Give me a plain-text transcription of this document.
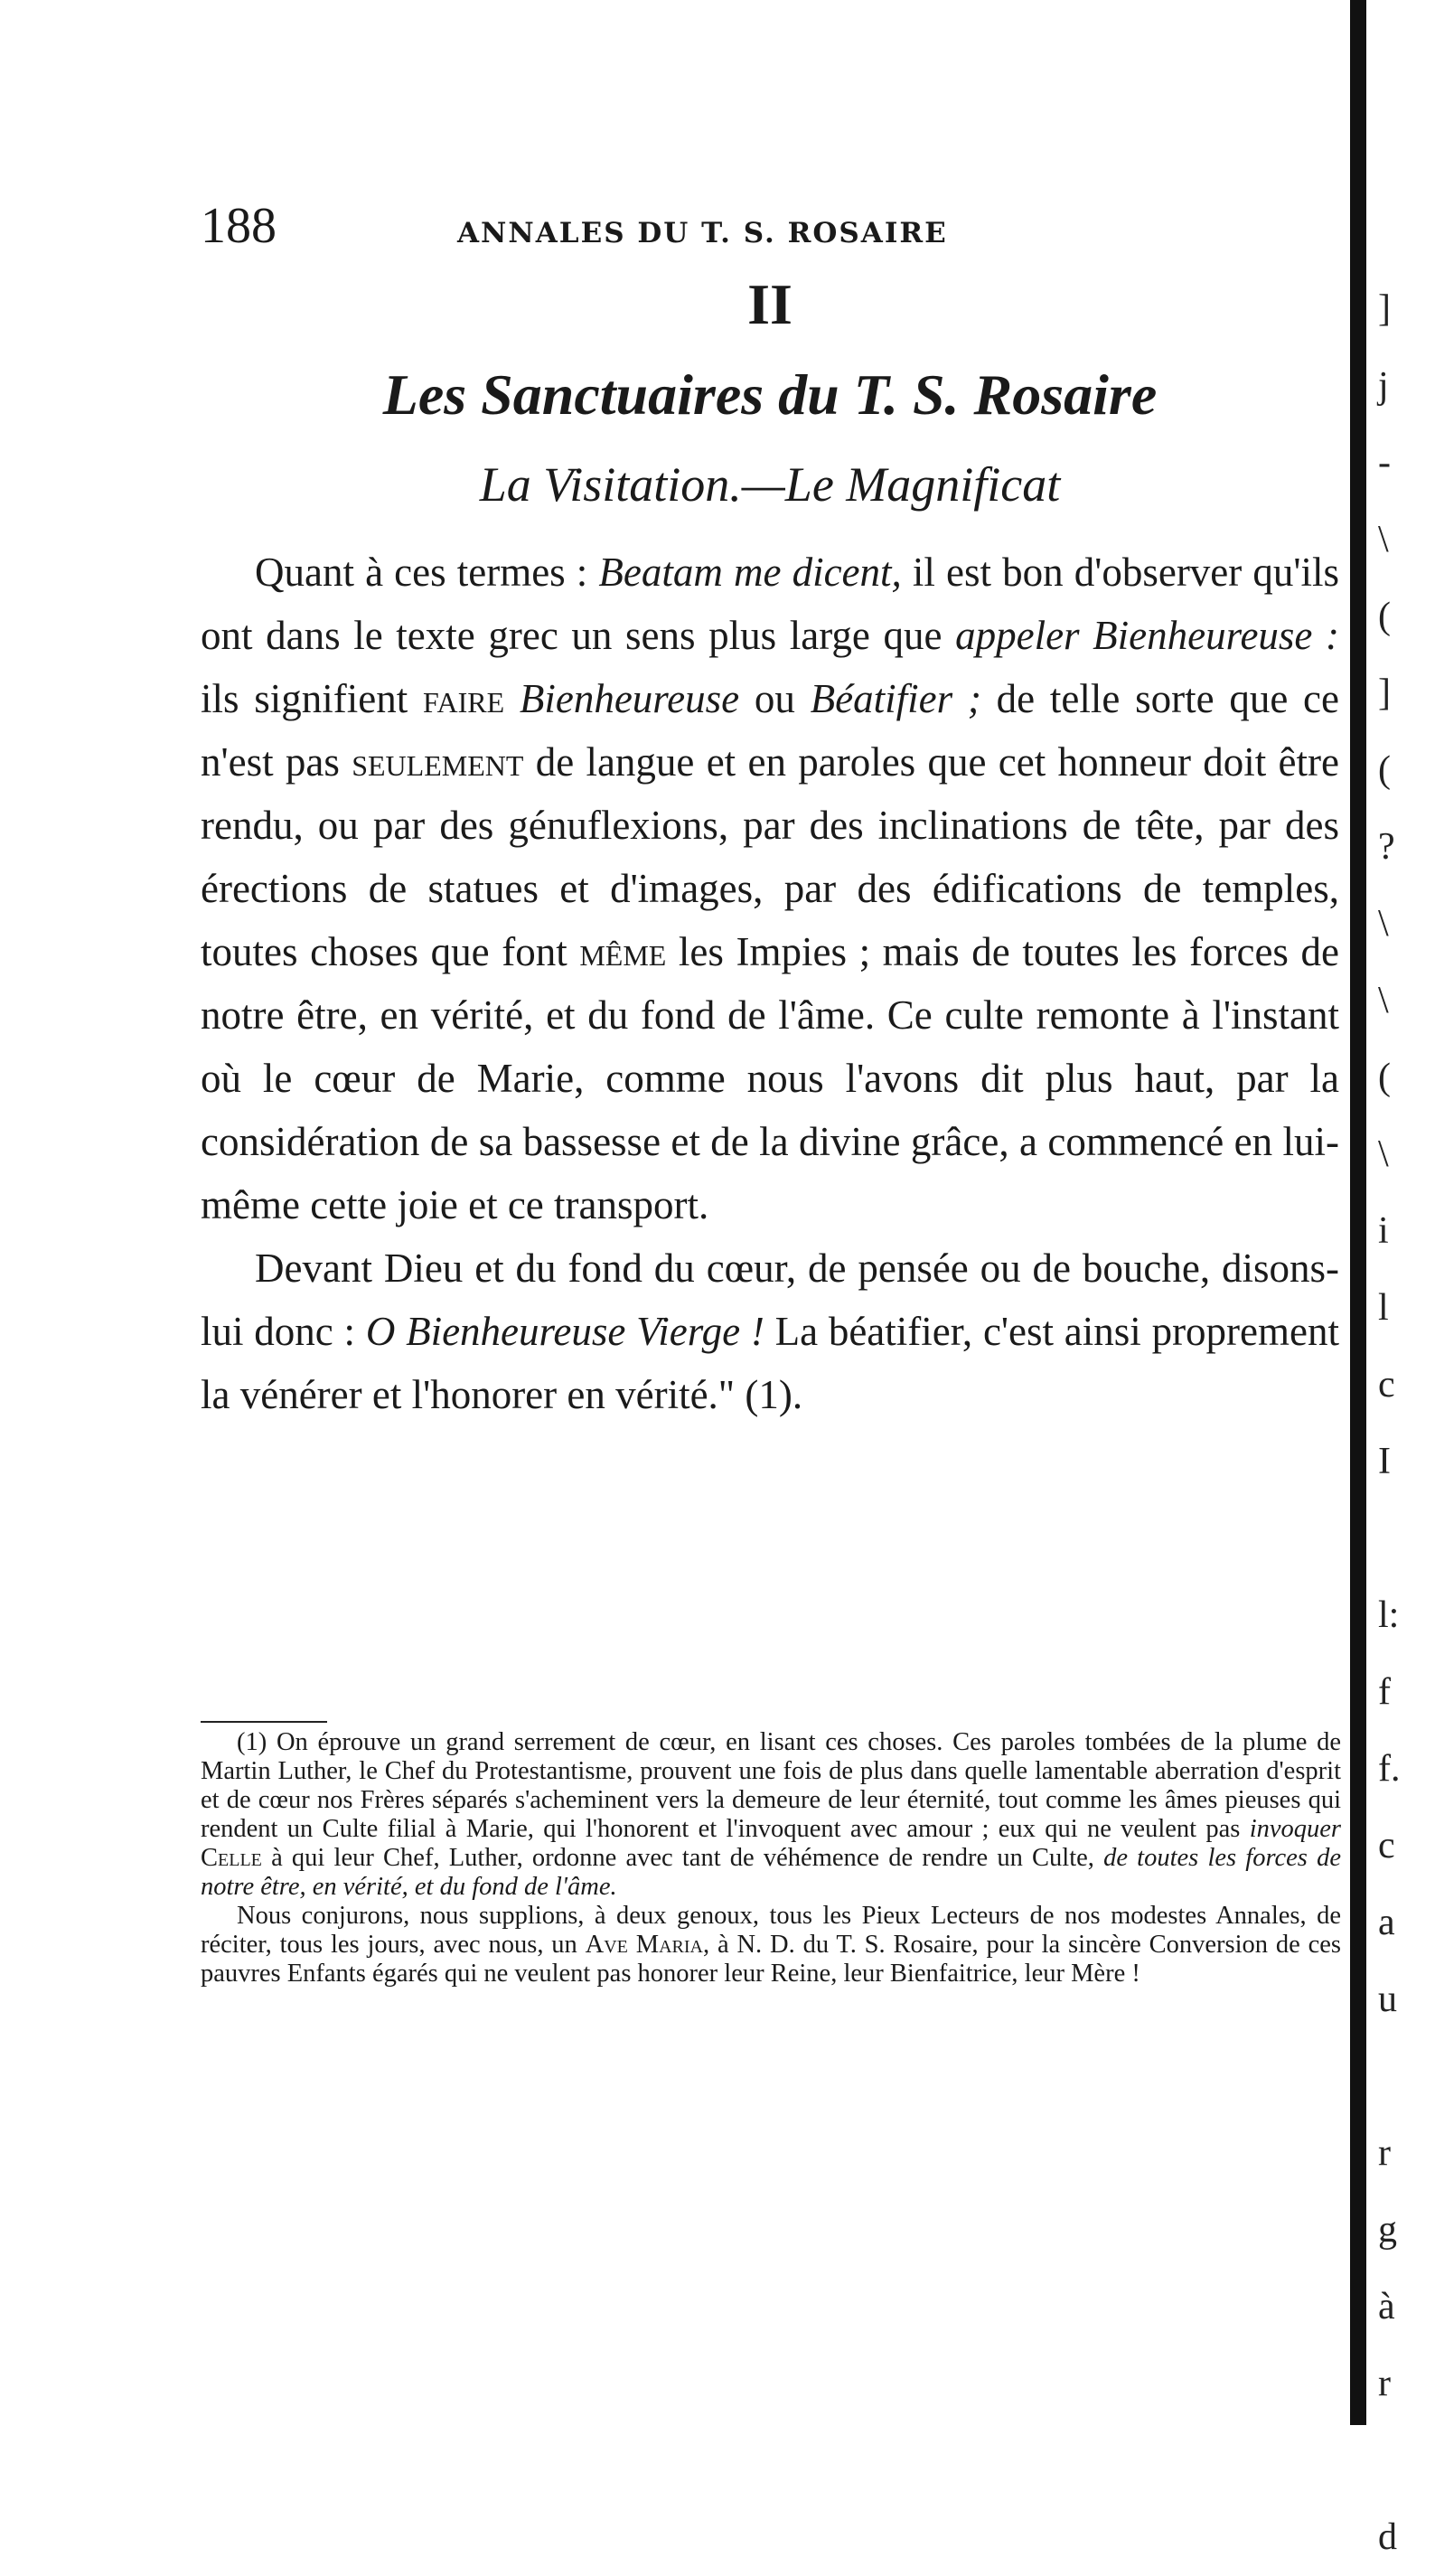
188	ANNALES DU T. S. ROSAIRE
II
Les Sanctuaires du T. S. Rosaire
La Visitation.—Le Magnificat

Quant à ces termes : Beatam me dicent, il est bon d'observer qu'ils ont dans le texte grec un sens plus large que appeler Bienheureuse : ils signifient faire Bienheureuse ou Béatifier ; de telle sorte que ce n'est pas seulement de langue et en paroles que cet honneur doit être rendu, ou par des génuflexions, par des inclinations de tête, par des érections de statues et d'images, par des édifications de temples, toutes choses que font même les Impies ; mais de toutes les forces de notre être, en vérité, et du fond de l'âme. Ce culte remonte à l'instant où le cœur de Marie, comme nous l'avons dit plus haut, par la considération de sa bassesse et de la divine grâce, a commencé en lui-même cette joie et ce transport.

Devant Dieu et du fond du cœur, de pensée ou de bouche, disons-lui donc : O Bienheureuse Vierge ! La béatifier, c'est ainsi proprement la vénérer et l'honorer en vérité." (1).

(1) On éprouve un grand serrement de cœur, en lisant ces choses. Ces paroles tombées de la plume de Martin Luther, le Chef du Protestantisme, prouvent une fois de plus dans quelle lamentable aberration d'esprit et de cœur nos Frères séparés s'acheminent vers la demeure de leur éternité, tout comme les âmes pieuses qui rendent un Culte filial à Marie, qui l'honorent et l'invoquent avec amour ; eux qui ne veulent pas invoquer Celle à qui leur Chef, Luther, ordonne avec tant de véhémence de rendre un Culte, de toutes les forces de notre être, en vérité, et du fond de l'âme.

Nous conjurons, nous supplions, à deux genoux, tous les Pieux Lecteurs de nos modestes Annales, de réciter, tous les jours, avec nous, un Ave Maria, à N. D. du T. S. Rosaire, pour la sincère Conversion de ces pauvres Enfants égarés qui ne veulent pas honorer leur Reine, leur Bienfaitrice, leur Mère !

]
j
-
\
(
]
(
?
\
\
(
\
i
l
c
I

l:
f
f.
c
a
u

r
g
à
r

d
